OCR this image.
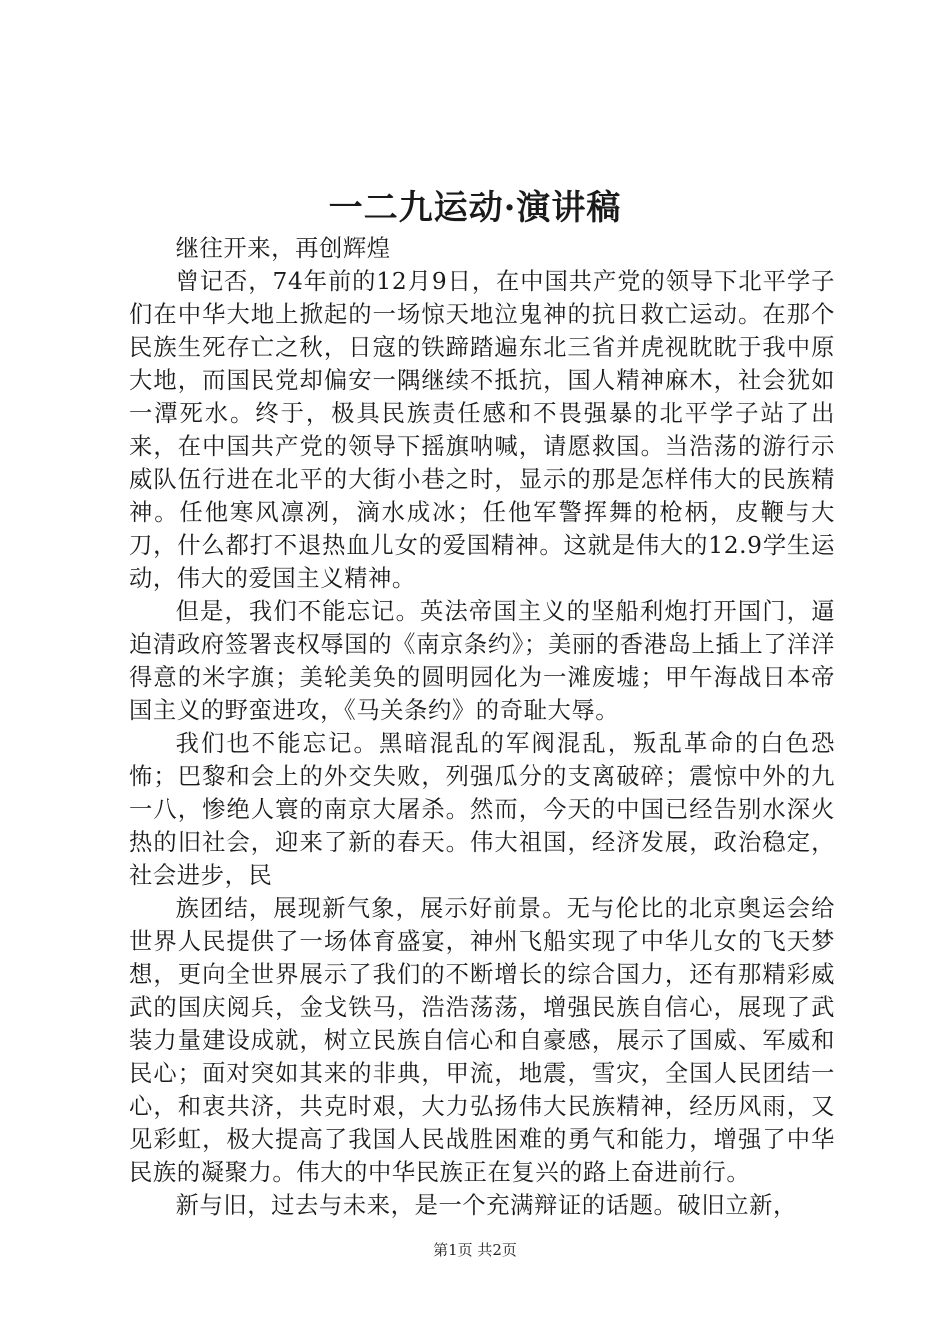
一二九运动·演讲稿

继往开来，再创辉煌

曾记否，74年前的12月9日，在中国共产党的领导下北平学子们在中华大地上掀起的一场惊天地泣鬼神的抗日救亡运动。在那个民族生死存亡之秋，日寇的铁蹄踏遍东北三省并虎视眈眈于我中原大地，而国民党却偏安一隅继续不抵抗，国人精神麻木，社会犹如一潭死水。终于，极具民族责任感和不畏强暴的北平学子站了出来，在中国共产党的领导下摇旗呐喊，请愿救国。当浩荡的游行示威队伍行进在北平的大街小巷之时，显示的那是怎样伟大的民族精神。任他寒风凛冽，滴水成冰；任他军警挥舞的枪柄，皮鞭与大刀，什么都打不退热血儿女的爱国精神。这就是伟大的12.9学生运动，伟大的爱国主义精神。

但是，我们不能忘记。英法帝国主义的坚船利炮打开国门，逼迫清政府签署丧权辱国的《南京条约》；美丽的香港岛上插上了洋洋得意的米字旗；美轮美奂的圆明园化为一滩废墟；甲午海战日本帝国主义的野蛮进攻，《马关条约》的奇耻大辱。

我们也不能忘记。黑暗混乱的军阀混乱，叛乱革命的白色恐怖；巴黎和会上的外交失败，列强瓜分的支离破碎；震惊中外的九一八，惨绝人寰的南京大屠杀。然而，今天的中国已经告别水深火热的旧社会，迎来了新的春天。伟大祖国，经济发展，政治稳定，社会进步，民

族团结，展现新气象，展示好前景。无与伦比的北京奥运会给世界人民提供了一场体育盛宴，神州飞船实现了中华儿女的飞天梦想，更向全世界展示了我们的不断增长的综合国力，还有那精彩威武的国庆阅兵，金戈铁马，浩浩荡荡，增强民族自信心，展现了武装力量建设成就，树立民族自信心和自豪感，展示了国威、军威和民心；面对突如其来的非典，甲流，地震，雪灾，全国人民团结一心，和衷共济，共克时艰，大力弘扬伟大民族精神，经历风雨，又见彩虹，极大提高了我国人民战胜困难的勇气和能力，增强了中华民族的凝聚力。伟大的中华民族正在复兴的路上奋进前行。

新与旧，过去与未来，是一个充满辩证的话题。破旧立新，

第1页 共2页
